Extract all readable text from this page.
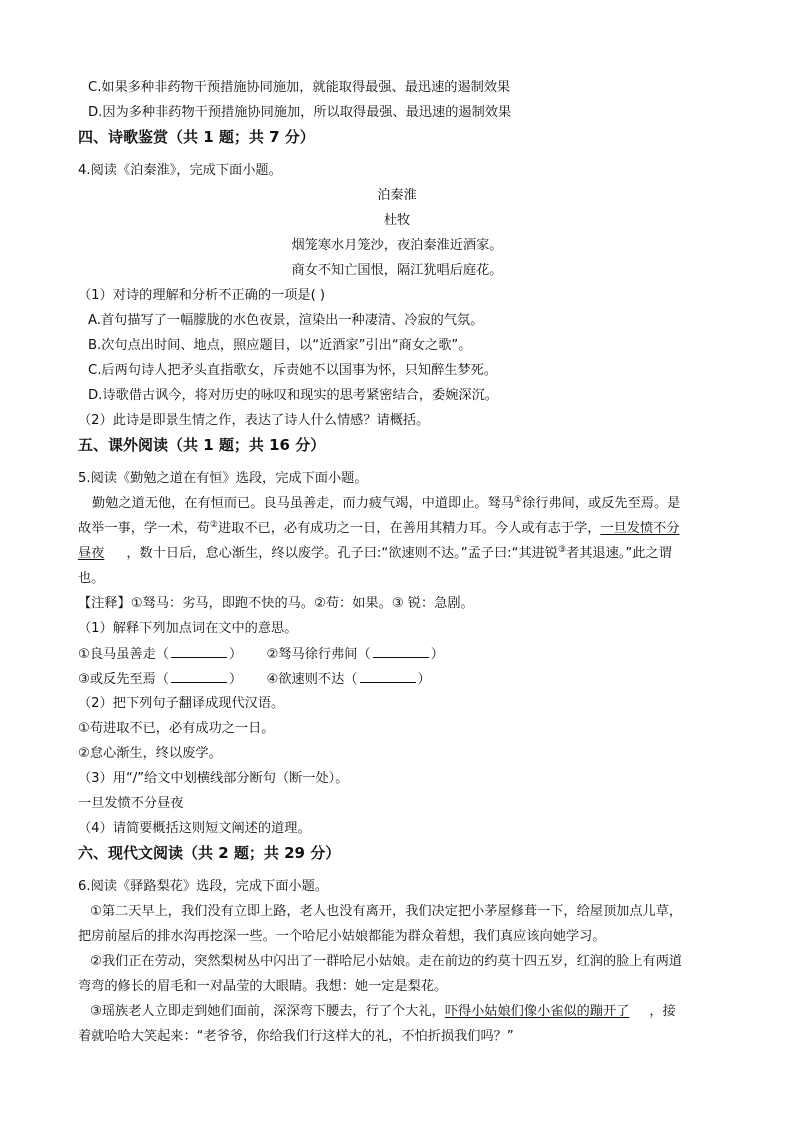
C.如果多种非药物干预措施协同施加，就能取得最强、最迅速的遏制效果
D.因为多种非药物干预措施协同施加，所以取得最强、最迅速的遏制效果
四、诗歌鉴赏（共 1 题；共 7 分）
4.阅读《泊秦淮》，完成下面小题。
泊秦淮
杜牧
烟笼寒水月笼沙，夜泊秦淮近酒家。
商女不知亡国恨，隔江犹唱后庭花。
（1）对诗的理解和分析不正确的一项是( )
A.首句描写了一幅朦胧的水色夜景，渲染出一种凄清、冷寂的气氛。
B.次句点出时间、地点，照应题目，以“近酒家”引出“商女之歌”。
C.后两句诗人把矛头直指歌女，斥责她不以国事为怀，只知醉生梦死。
D.诗歌借古讽今，将对历史的咏叹和现实的思考紧密结合，委婉深沉。
（2）此诗是即景生情之作，表达了诗人什么情感？请概括。
五、课外阅读（共 1 题；共 16 分）
5.阅读《勤勉之道在有恒》选段，完成下面小题。
勤勉之道无他，在有恒而已。良马虽善走，而力疲气竭，中道即止。驽马①徐行弗间，或反先至焉。是
故举一事，学一术，苟②进取不已，必有成功之一日，在善用其精力耳。今人或有志于学，一旦发愤不分
昼夜 ，数十日后，怠心渐生，终以废学。孔子曰:“欲速则不达。”孟子曰:“其进锐③者其退速。”此之谓
也。
【注释】①驽马：劣马，即跑不快的马。②苟：如果。③ 锐：急剧。
（1）解释下列加点词在文中的意思。
①良马虽善走（	） ②驽马徐行弗间（	）
③或反先至焉（	） ④欲速则不达（	）
（2）把下列句子翻译成现代汉语。
①苟进取不已，必有成功之一日。
②怠心渐生，终以废学。
（3）用“/”给文中划横线部分断句（断一处）。
一旦发愤不分昼夜
（4）请简要概括这则短文阐述的道理。
六、现代文阅读（共 2 题；共 29 分）
6.阅读《驿路梨花》选段，完成下面小题。
①第二天早上，我们没有立即上路，老人也没有离开，我们决定把小茅屋修葺一下，给屋顶加点儿草，
把房前屋后的排水沟再挖深一些。一个哈尼小姑娘都能为群众着想，我们真应该向她学习。
②我们正在劳动，突然梨树丛中闪出了一群哈尼小姑娘。走在前边的约莫十四五岁，红润的脸上有两道
弯弯的修长的眉毛和一对晶莹的大眼睛。我想：她一定是梨花。
③瑶族老人立即走到她们面前，深深弯下腰去，行了个大礼，吓得小姑娘们像小雀似的蹦开了 ，接
着就哈哈大笑起来：“老爷爷，你给我们行这样大的礼，不怕折损我们吗？”
